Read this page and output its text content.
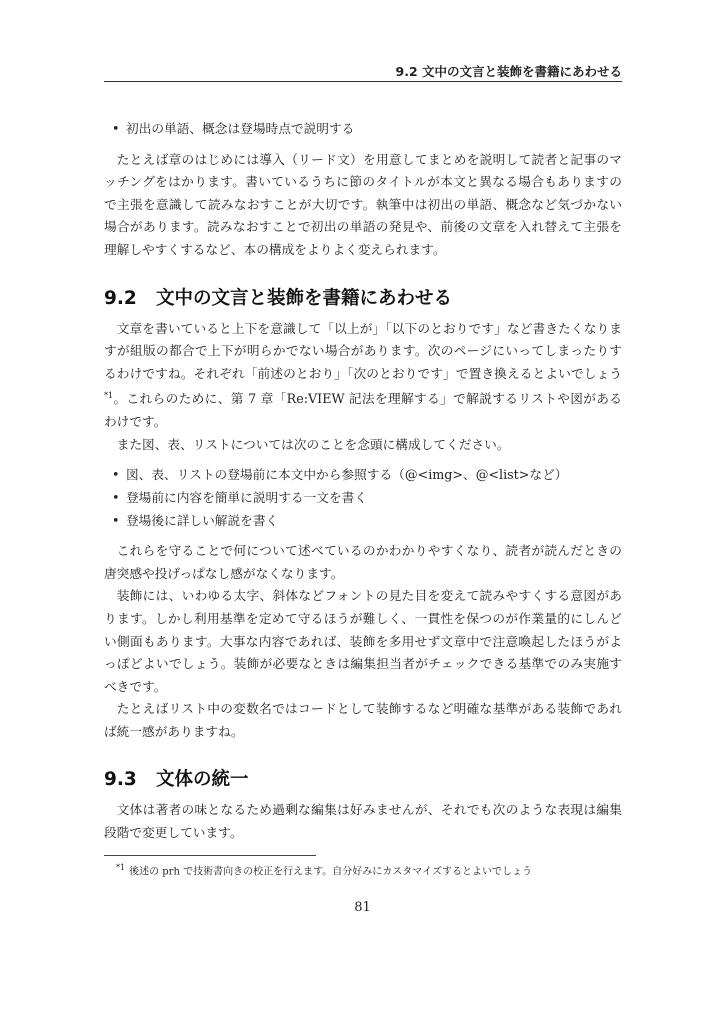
9.2 文中の文言と装飾を書籍にあわせる
• 初出の単語、概念は登場時点で説明する

たとえば章のはじめには導入（リード文）を用意してまとめを説明して読者と記事のマッチングをはかります。書いているうちに節のタイトルが本文と異なる場合もありますので主張を意識して読みなおすことが大切です。執筆中は初出の単語、概念など気づかない場合があります。読みなおすことで初出の単語の発見や、前後の文章を入れ替えて主張を理解しやすくするなど、本の構成をよりよく変えられます。

9.2 文中の文言と装飾を書籍にあわせる

文章を書いていると上下を意識して「以上が」「以下のとおりです」など書きたくなりますが組版の都合で上下が明らかでない場合があります。次のページにいってしまったりするわけですね。それぞれ「前述のとおり」「次のとおりです」で置き換えるとよいでしょう$^{*1}$。これらのために、第 7 章「Re:VIEW 記法を理解する」で解説するリストや図があるわけです。

また図、表、リストについては次のことを念頭に構成してください。

• 図、表、リストの登場前に本文中から参照する（@<img>、@<list>など）
• 登場前に内容を簡単に説明する一文を書く
• 登場後に詳しい解説を書く

これらを守ることで何について述べているのかわかりやすくなり、読者が読んだときの唐突感や投げっぱなし感がなくなります。

装飾には、いわゆる太字、斜体などフォントの見た目を変えて読みやすくする意図があります。しかし利用基準を定めて守るほうが難しく、一貫性を保つのが作業量的にしんどい側面もあります。大事な内容であれば、装飾を多用せず文章中で注意喚起したほうがよっぽどよいでしょう。装飾が必要なときは編集担当者がチェックできる基準でのみ実施すべきです。

たとえばリスト中の変数名ではコードとして装飾するなど明確な基準がある装飾であれば統一感がありますね。

9.3 文体の統一

文体は著者の味となるため過剰な編集は好みませんが、それでも次のような表現は編集段階で変更しています。

$^{*1}$ 後述の prh で技術書向きの校正を行えます。自分好みにカスタマイズするとよいでしょう
81
